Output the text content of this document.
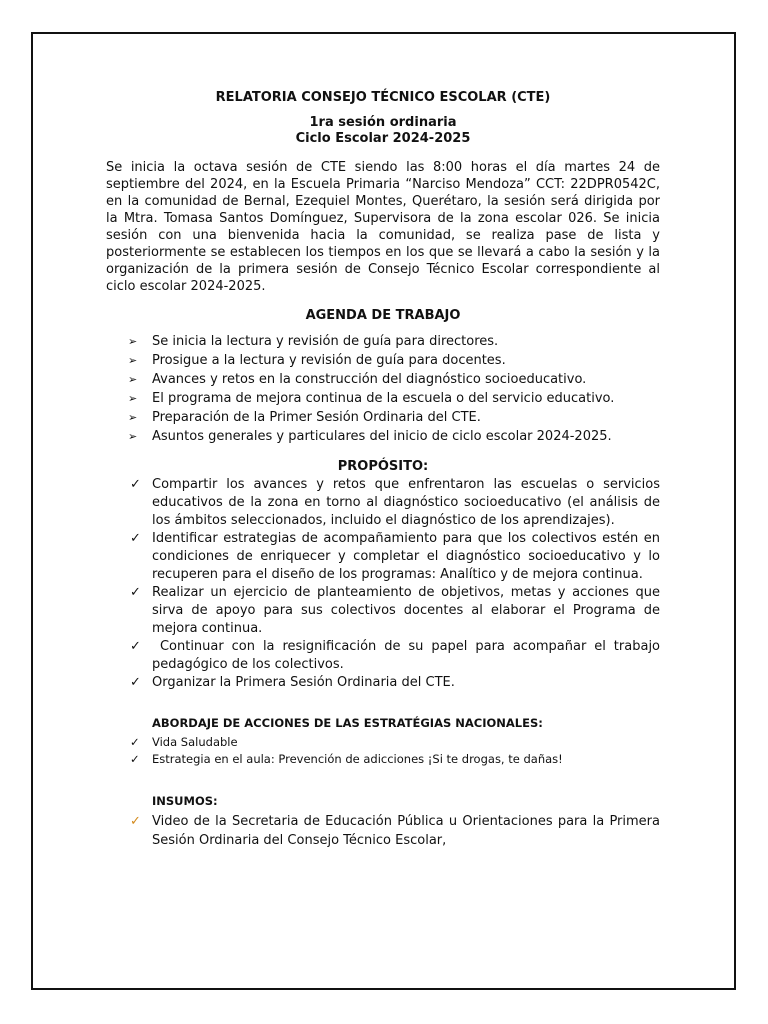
RELATORIA CONSEJO TÉCNICO ESCOLAR (CTE)
1ra sesión ordinaria
Ciclo Escolar 2024-2025

Se inicia la octava sesión de CTE siendo las 8:00 horas el día martes 24 de septiembre del 2024, en la Escuela Primaria “Narciso Mendoza” CCT: 22DPR0542C, en la comunidad de Bernal, Ezequiel Montes, Querétaro, la sesión será dirigida por la Mtra. Tomasa Santos Domínguez, Supervisora de la zona escolar 026. Se inicia sesión con una bienvenida hacia la comunidad, se realiza pase de lista y posteriormente se establecen los tiempos en los que se llevará a cabo la sesión y la organización de la primera sesión de Consejo Técnico Escolar correspondiente al ciclo escolar 2024-2025.

AGENDA DE TRABAJO
➢ Se inicia la lectura y revisión de guía para directores.
➢ Prosigue a la lectura y revisión de guía para docentes.
➢ Avances y retos en la construcción del diagnóstico socioeducativo.
➢ El programa de mejora continua de la escuela o del servicio educativo.
➢ Preparación de la Primer Sesión Ordinaria del CTE.
➢ Asuntos generales y particulares del inicio de ciclo escolar 2024-2025.
PROPÓSITO:
✓ Compartir los avances y retos que enfrentaron las escuelas o servicios educativos de la zona en torno al diagnóstico socioeducativo (el análisis de los ámbitos seleccionados, incluido el diagnóstico de los aprendizajes).
✓ Identificar estrategias de acompañamiento para que los colectivos estén en condiciones de enriquecer y completar el diagnóstico socioeducativo y lo recuperen para el diseño de los programas: Analítico y de mejora continua.
✓ Realizar un ejercicio de planteamiento de objetivos, metas y acciones que sirva de apoyo para sus colectivos docentes al elaborar el Programa de mejora continua.
✓ Continuar con la resignificación de su papel para acompañar el trabajo pedagógico de los colectivos.
✓ Organizar la Primera Sesión Ordinaria del CTE.
ABORDAJE DE ACCIONES DE LAS ESTRATÉGIAS NACIONALES:
✓ Vida Saludable
✓ Estrategia en el aula: Prevención de adicciones ¡Si te drogas, te dañas!
INSUMOS:
✓ Video de la Secretaria de Educación Pública u Orientaciones para la Primera Sesión Ordinaria del Consejo Técnico Escolar,
